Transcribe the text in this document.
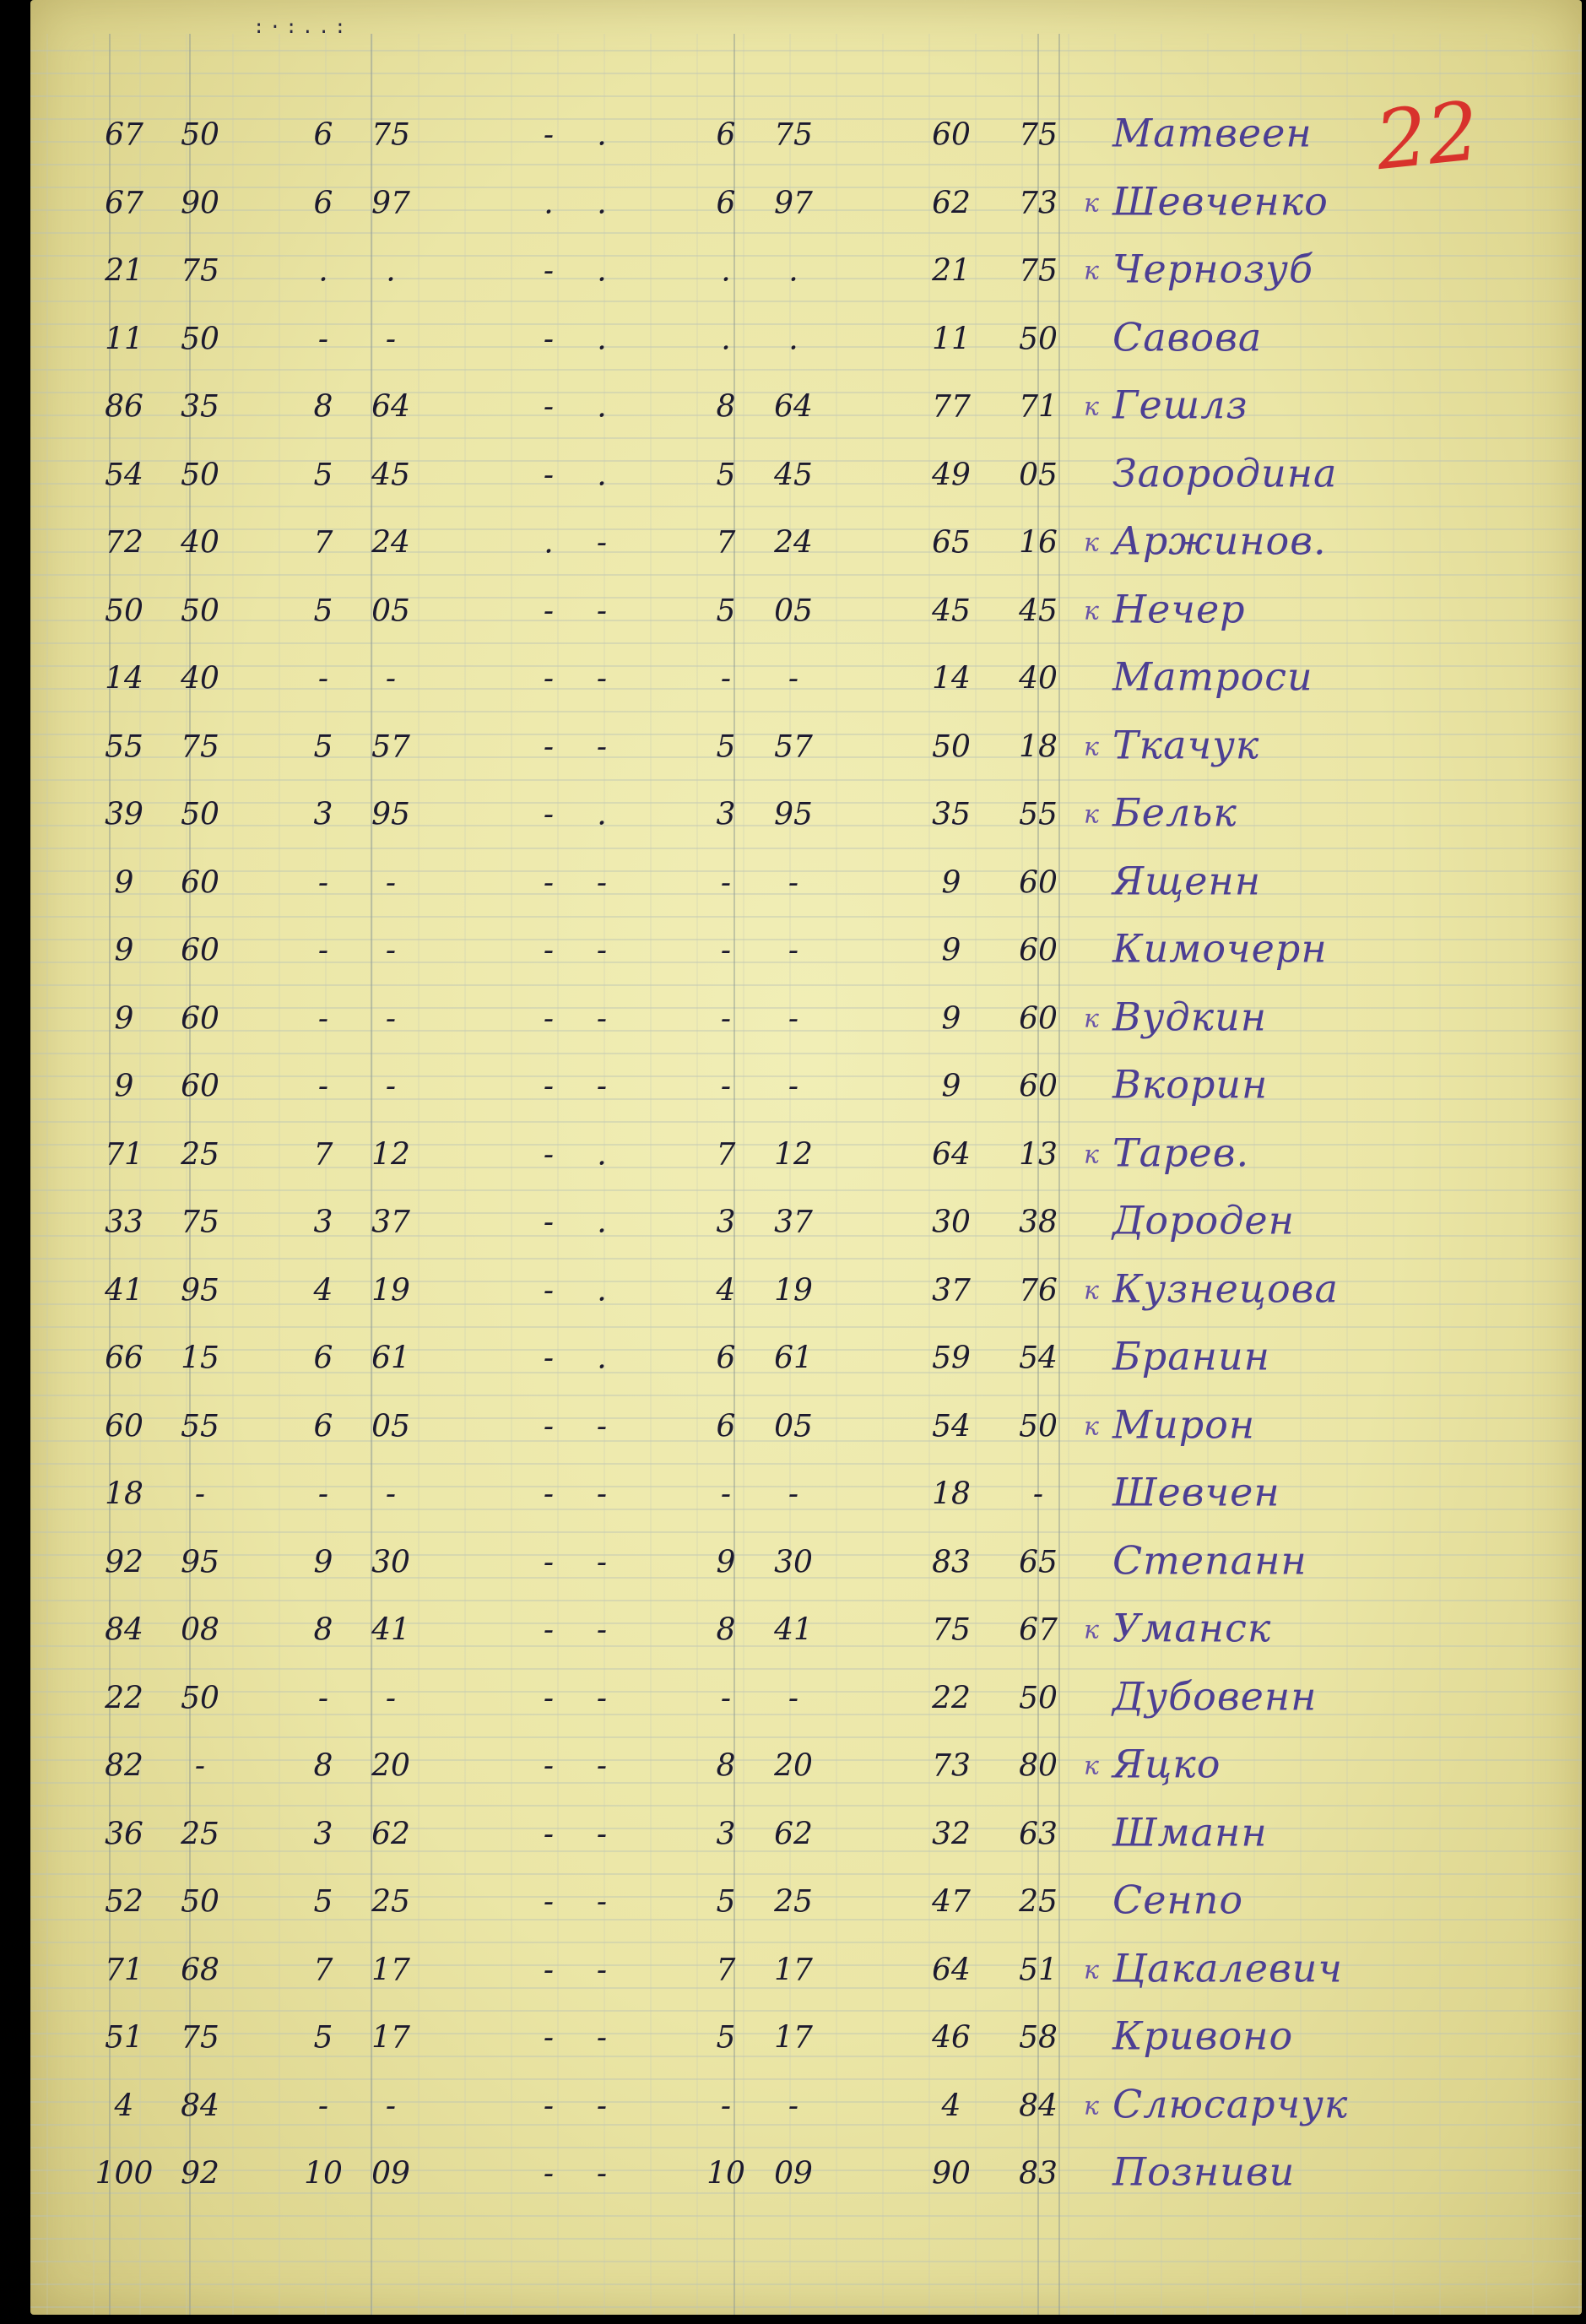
:·:..:
22
67 50	6 75	- .	6 75	60 75 Матвеен
67 90	6 97	. .	6 97	62 73 к Шевченко
21 75	. .	- .	. .	21 75 к Чернозуб
11 50	- -	- .	. .	11 50 Савова
86 35	8 64	- .	8 64	77 71 к Гешлз
54 50	5 45	- .	5 45	49 05 Заородина
72 40	7 24	. -	7 24	65 16 к Аржинов.
50 50	5 05	- -	5 05	45 45 к Нечер
14 40	- -	- -	- -	14 40 Матроси
55 75	5 57	- -	5 57	50 18 к Ткачук
39 50	3 95	- .	3 95	35 55 к Бельк
9 60	- -	- -	- -	9 60 Ященн
9 60	- -	- -	- -	9 60 Кимочерн
9 60	- -	- -	- -	9 60 к Вудкин
9 60	- -	- -	- -	9 60 Вкорин
71 25	7 12	- .	7 12	64 13 к Тарев.
33 75	3 37	- .	3 37	30 38 Дороден
41 95	4 19	- .	4 19	37 76 к Кузнецова
66 15	6 61	- .	6 61	59 54 Бранин
60 55	6 05	- -	6 05	54 50 к Мирон
18 -	- -	- -	- -	18 - Шевчен
92 95	9 30	- -	9 30	83 65 Степанн
84 08	8 41	- -	8 41	75 67 к Уманск
22 50	- -	- -	- -	22 50 Дубовенн
82 -	8 20	- -	8 20	73 80 к Яцко
36 25	3 62	- -	3 62	32 63 Шманн
52 50	5 25	- -	5 25	47 25 Сенпо
71 68	7 17	- -	7 17	64 51 к Цакалевич
51 75	5 17	- -	5 17	46 58 Кривоно
4 84	- -	- -	- -	4 84 к Слюсарчук
100 92	10 09	- -	10 09	90 83 Позниви
